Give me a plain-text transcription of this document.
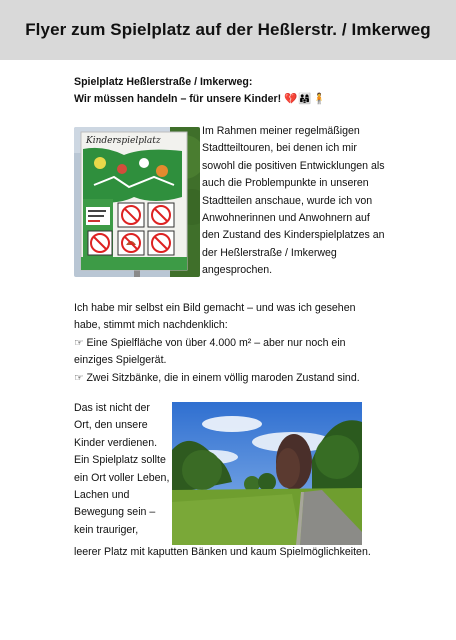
Flyer zum Spielplatz auf der Heßlerstr. / Imkerweg
Spielplatz Heßlerstraße / Imkerweg:
Wir müssen handeln – für unsere Kinder! 💔👨‍👩‍👧🧍
Kinderspielplatz
Im Rahmen meiner regelmäßigen Stadtteiltouren, bei denen ich mir sowohl die positiven Entwicklungen als auch die Problempunkte in unseren Stadtteilen anschaue, wurde ich von Anwohnerinnen und Anwohnern auf den Zustand des Kinderspielplatzes an der Heßlerstraße / Imkerweg angesprochen.
Ich habe mir selbst ein Bild gemacht – und was ich gesehen habe, stimmt mich nachdenklich:
☞ Eine Spielfläche von über 4.000 m² – aber nur noch ein einziges Spielgerät.
☞ Zwei Sitzbänke, die in einem völlig maroden Zustand sind.
Das ist nicht der Ort, den unsere Kinder verdienen. Ein Spielplatz sollte ein Ort voller Leben, Lachen und Bewegung sein – kein trauriger,
leerer Platz mit kaputten Bänken und kaum Spielmöglichkeiten.
